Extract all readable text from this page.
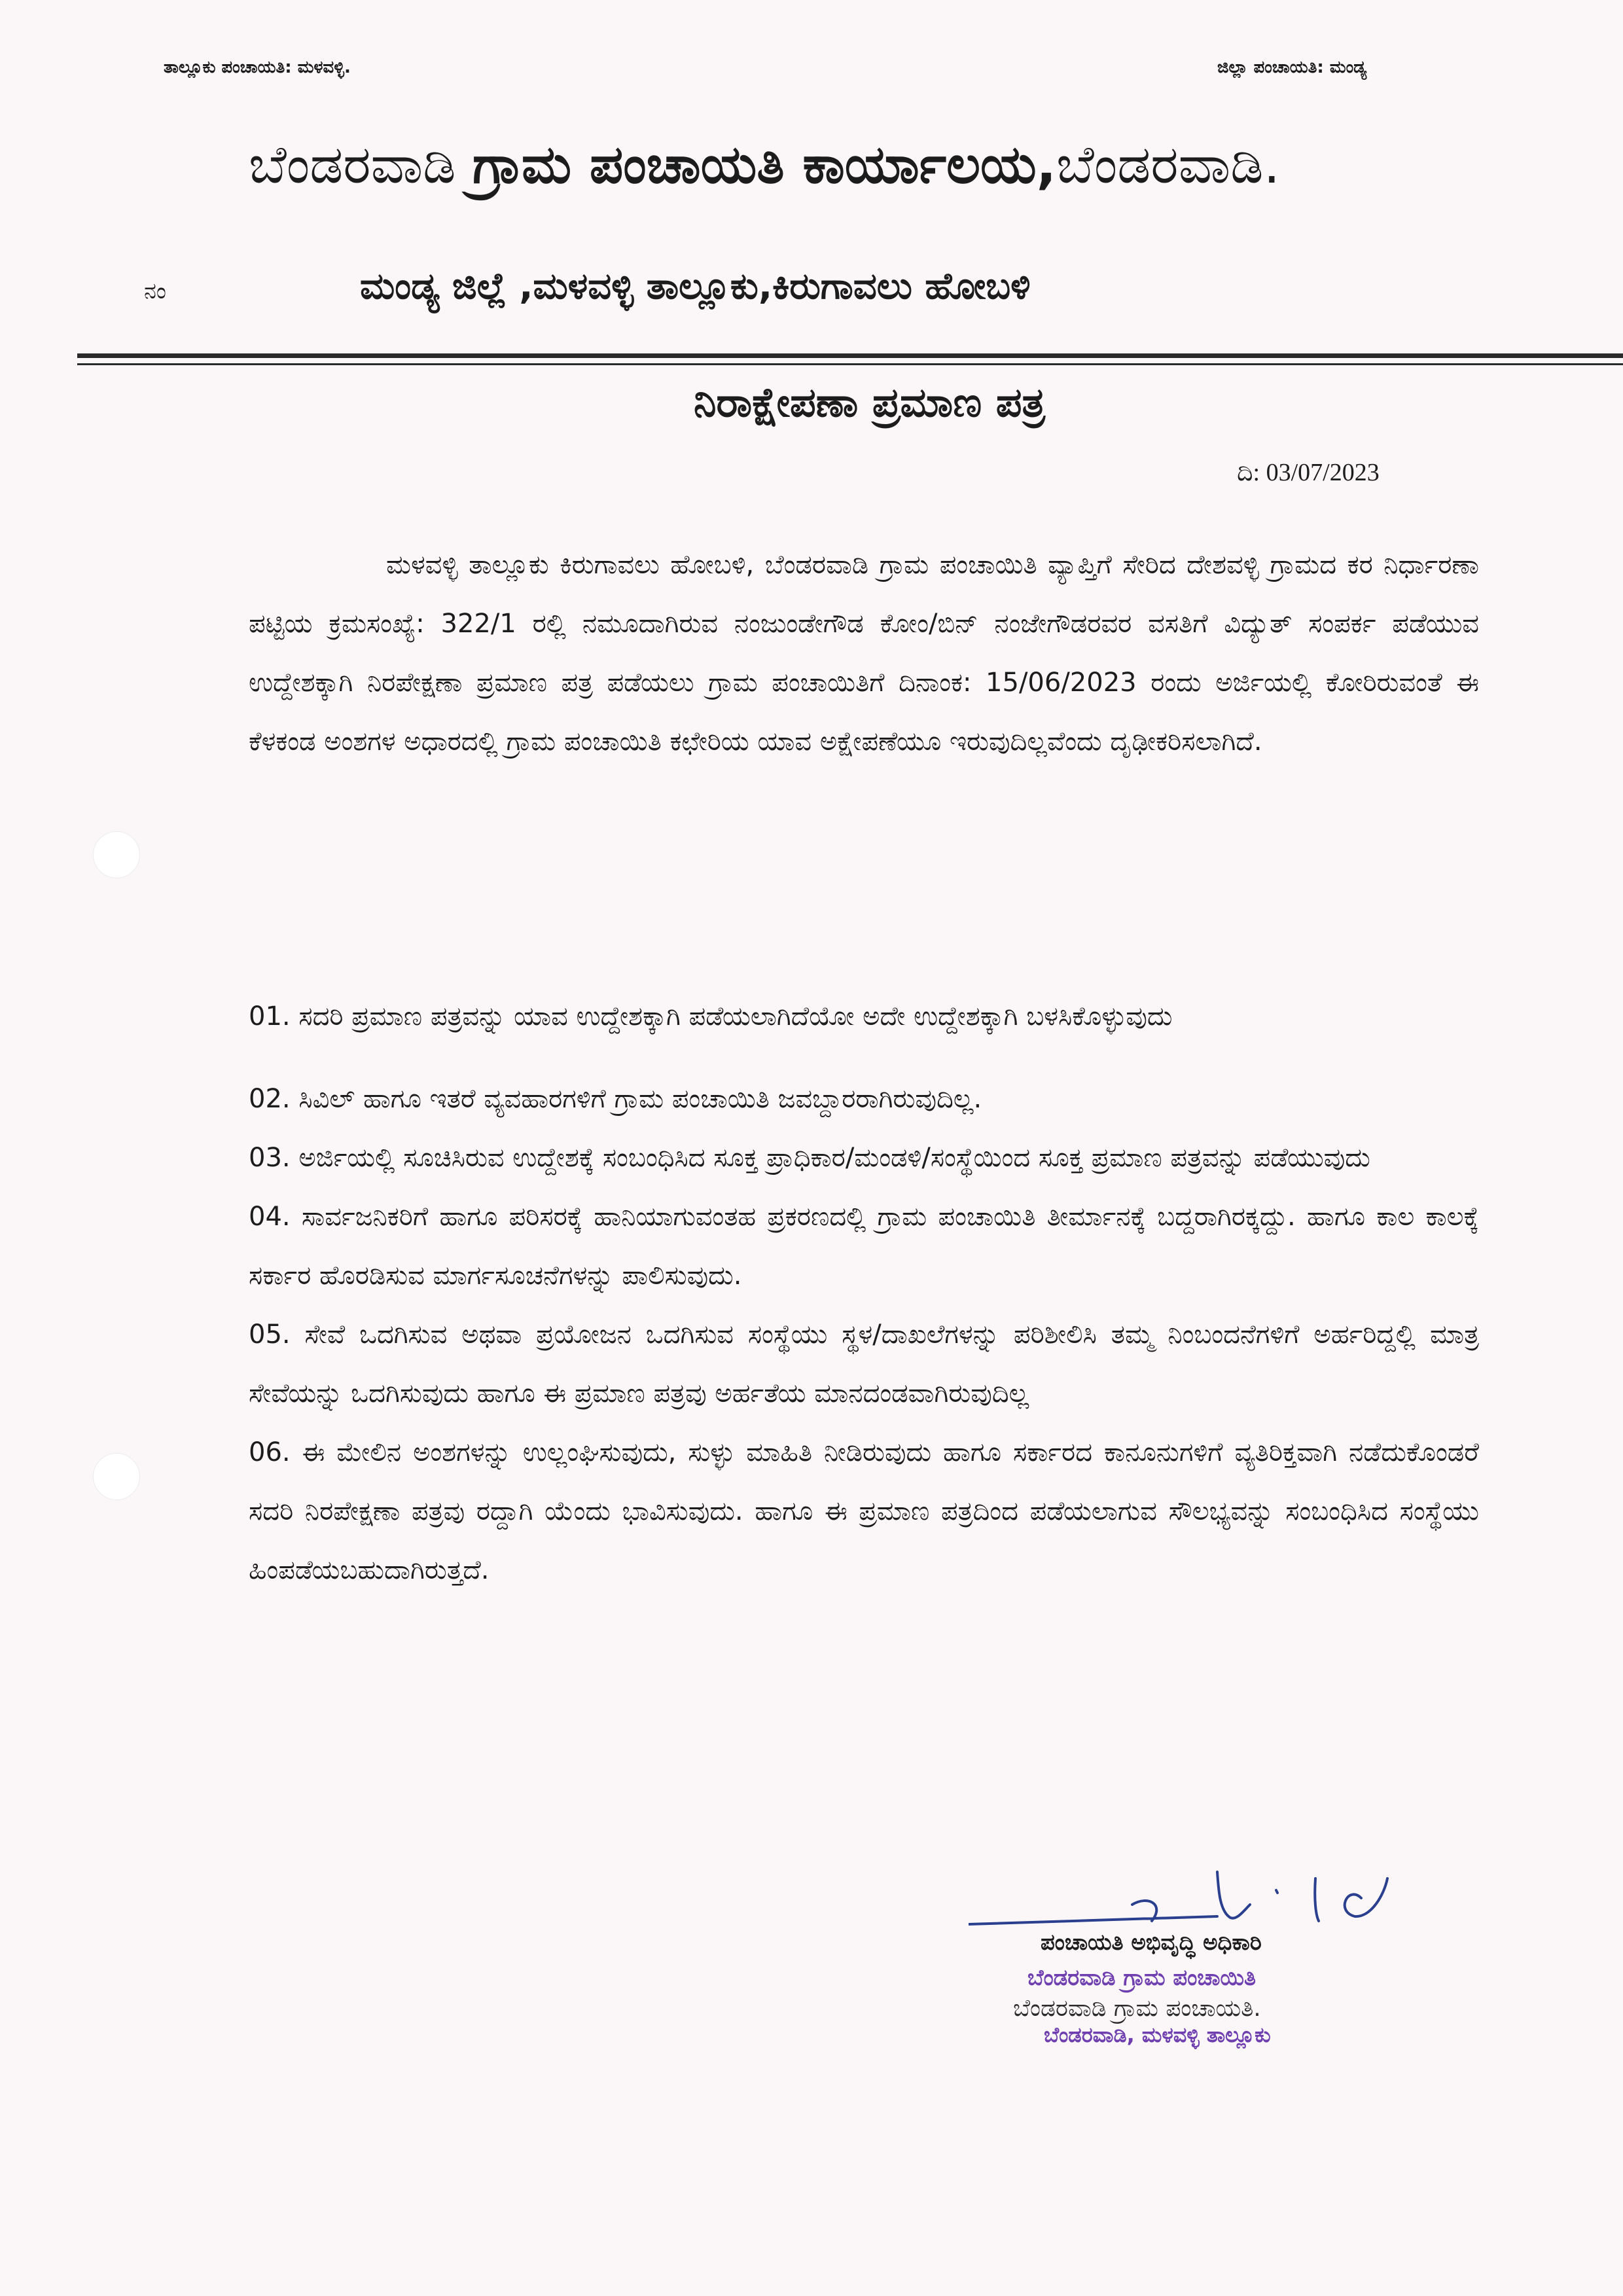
ತಾಲ್ಲೂಕು ಪಂಚಾಯತಿ: ಮಳವಳ್ಳಿ.	ಜಿಲ್ಲಾ ಪಂಚಾಯತಿ: ಮಂಡ್ಯ
ಬೆಂಡರವಾಡಿ ಗ್ರಾಮ ಪಂಚಾಯತಿ ಕಾರ್ಯಾಲಯ,ಬೆಂಡರವಾಡಿ.
ನಂ	ಮಂಡ್ಯ ಜಿಲ್ಲೆ ,ಮಳವಳ್ಳಿ ತಾಲ್ಲೂಕು,ಕಿರುಗಾವಲು ಹೋಬಳಿ
ನಿರಾಕ್ಷೇಪಣಾ ಪ್ರಮಾಣ ಪತ್ರ
ದಿ: 03/07/2023
ಮಳವಳ್ಳಿ ತಾಲ್ಲೂಕು ಕಿರುಗಾವಲು ಹೋಬಳಿ, ಬೆಂಡರವಾಡಿ ಗ್ರಾಮ ಪಂಚಾಯಿತಿ ವ್ಯಾಪ್ತಿಗೆ ಸೇರಿದ ದೇಶವಳ್ಳಿ ಗ್ರಾಮದ ಕರ ನಿರ್ಧಾರಣಾ ಪಟ್ಟಿಯ ಕ್ರಮಸಂಖ್ಯೆ: 322/1 ರಲ್ಲಿ ನಮೂದಾಗಿರುವ ನಂಜುಂಡೇಗೌಡ ಕೋಂ/ಬಿನ್ ನಂಜೇಗೌಡರವರ ವಸತಿಗೆ ವಿದ್ಯುತ್ ಸಂಪರ್ಕ ಪಡೆಯುವ ಉದ್ದೇಶಕ್ಕಾಗಿ ನಿರಪೇಕ್ಷಣಾ ಪ್ರಮಾಣ ಪತ್ರ ಪಡೆಯಲು ಗ್ರಾಮ ಪಂಚಾಯಿತಿಗೆ ದಿನಾಂಕ: 15/06/2023 ರಂದು ಅರ್ಜಿಯಲ್ಲಿ ಕೋರಿರುವಂತೆ ಈ ಕೆಳಕಂಡ ಅಂಶಗಳ ಅಧಾರದಲ್ಲಿ ಗ್ರಾಮ ಪಂಚಾಯಿತಿ ಕಛೇರಿಯ ಯಾವ ಅಕ್ಷೇಪಣೆಯೂ ಇರುವುದಿಲ್ಲವೆಂದು ದೃಢೀಕರಿಸಲಾಗಿದೆ.

01. ಸದರಿ ಪ್ರಮಾಣ ಪತ್ರವನ್ನು ಯಾವ ಉದ್ದೇಶಕ್ಕಾಗಿ ಪಡೆಯಲಾಗಿದೆಯೋ ಅದೇ ಉದ್ದೇಶಕ್ಕಾಗಿ ಬಳಸಿಕೊಳ್ಳುವುದು

02. ಸಿವಿಲ್ ಹಾಗೂ ಇತರೆ ವ್ಯವಹಾರಗಳಿಗೆ ಗ್ರಾಮ ಪಂಚಾಯಿತಿ ಜವಬ್ದಾರರಾಗಿರುವುದಿಲ್ಲ.

03. ಅರ್ಜಿಯಲ್ಲಿ ಸೂಚಿಸಿರುವ ಉದ್ದೇಶಕ್ಕೆ ಸಂಬಂಧಿಸಿದ ಸೂಕ್ತ ಪ್ರಾಧಿಕಾರ/ಮಂಡಳಿ/ಸಂಸ್ಥೆಯಿಂದ ಸೂಕ್ತ ಪ್ರಮಾಣ ಪತ್ರವನ್ನು ಪಡೆಯುವುದು

04. ಸಾರ್ವಜನಿಕರಿಗೆ ಹಾಗೂ ಪರಿಸರಕ್ಕೆ ಹಾನಿಯಾಗುವಂತಹ ಪ್ರಕರಣದಲ್ಲಿ ಗ್ರಾಮ ಪಂಚಾಯಿತಿ ತೀರ್ಮಾನಕ್ಕೆ ಬದ್ದರಾಗಿರಕ್ಕದ್ದು. ಹಾಗೂ ಕಾಲ ಕಾಲಕ್ಕೆ ಸರ್ಕಾರ ಹೊರಡಿಸುವ ಮಾರ್ಗಸೂಚನೆಗಳನ್ನು ಪಾಲಿಸುವುದು.

05. ಸೇವೆ ಒದಗಿಸುವ ಅಥವಾ ಪ್ರಯೋಜನ ಒದಗಿಸುವ ಸಂಸ್ಥೆಯು ಸ್ಥಳ/ದಾಖಲೆಗಳನ್ನು ಪರಿಶೀಲಿಸಿ ತಮ್ಮ ನಿಂಬಂದನೆಗಳಿಗೆ ಅರ್ಹರಿದ್ದಲ್ಲಿ ಮಾತ್ರ ಸೇವೆಯನ್ನು ಒದಗಿಸುವುದು ಹಾಗೂ ಈ ಪ್ರಮಾಣ ಪತ್ರವು ಅರ್ಹತೆಯ ಮಾನದಂಡವಾಗಿರುವುದಿಲ್ಲ

06. ಈ ಮೇಲಿನ ಅಂಶಗಳನ್ನು ಉಲ್ಲಂಘಿಸುವುದು, ಸುಳ್ಳು ಮಾಹಿತಿ ನೀಡಿರುವುದು ಹಾಗೂ ಸರ್ಕಾರದ ಕಾನೂನುಗಳಿಗೆ ವ್ಯತಿರಿಕ್ತವಾಗಿ ನಡೆದುಕೊಂಡರೆ ಸದರಿ ನಿರಪೇಕ್ಷಣಾ ಪತ್ರವು ರದ್ದಾಗಿ ಯೆಂದು ಭಾವಿಸುವುದು. ಹಾಗೂ ಈ ಪ್ರಮಾಣ ಪತ್ರದಿಂದ ಪಡೆಯಲಾಗುವ ಸೌಲಭ್ಯವನ್ನು ಸಂಬಂಧಿಸಿದ ಸಂಸ್ಥೆಯು ಹಿಂಪಡೆಯಬಹುದಾಗಿರುತ್ತದೆ.

ಪಂಚಾಯತಿ ಅಭಿವೃದ್ಧಿ ಅಧಿಕಾರಿ
ಬೆಂಡರವಾಡಿ ಗ್ರಾಮ ಪಂಚಾಯಿತಿ
ಬೆಂಡರವಾಡಿ ಗ್ರಾಮ ಪಂಚಾಯತಿ.
ಬೆಂಡರವಾಡಿ, ಮಳವಳ್ಳಿ ತಾಲ್ಲೂಕು
